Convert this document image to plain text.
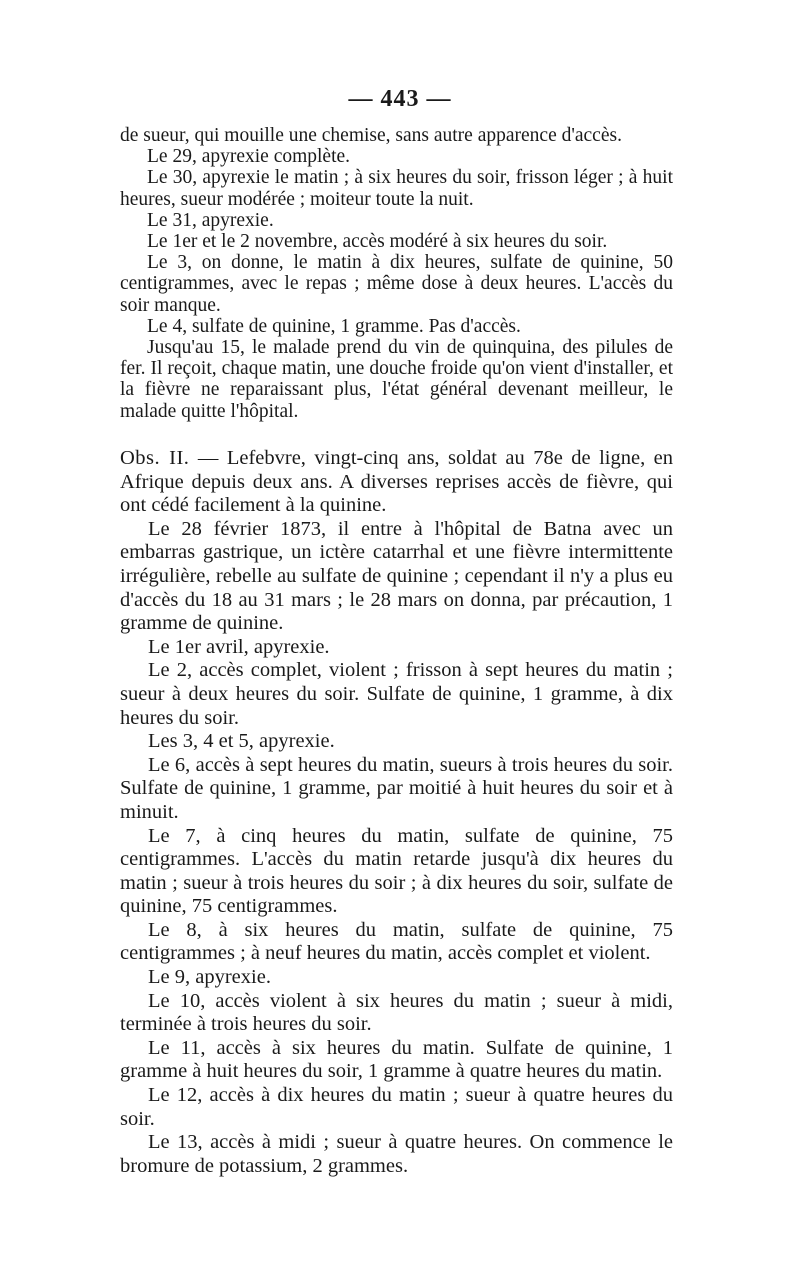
— 443 —

de sueur, qui mouille une chemise, sans autre apparence d'accès.

Le 29, apyrexie complète.

Le 30, apyrexie le matin ; à six heures du soir, frisson léger ; à huit heures, sueur modérée ; moiteur toute la nuit.

Le 31, apyrexie.

Le 1er et le 2 novembre, accès modéré à six heures du soir.

Le 3, on donne, le matin à dix heures, sulfate de quinine, 50 centigrammes, avec le repas ; même dose à deux heures. L'accès du soir manque.

Le 4, sulfate de quinine, 1 gramme. Pas d'accès.

Jusqu'au 15, le malade prend du vin de quinquina, des pilules de fer. Il reçoit, chaque matin, une douche froide qu'on vient d'installer, et la fièvre ne reparaissant plus, l'état général devenant meilleur, le malade quitte l'hôpital.

Obs. II. — Lefebvre, vingt-cinq ans, soldat au 78e de ligne, en Afrique depuis deux ans. A diverses reprises accès de fièvre, qui ont cédé facilement à la quinine.

Le 28 février 1873, il entre à l'hôpital de Batna avec un embarras gastrique, un ictère catarrhal et une fièvre intermittente irrégulière, rebelle au sulfate de quinine ; cependant il n'y a plus eu d'accès du 18 au 31 mars ; le 28 mars on donna, par précaution, 1 gramme de quinine.

Le 1er avril, apyrexie.

Le 2, accès complet, violent ; frisson à sept heures du matin ; sueur à deux heures du soir. Sulfate de quinine, 1 gramme, à dix heures du soir.

Les 3, 4 et 5, apyrexie.

Le 6, accès à sept heures du matin, sueurs à trois heures du soir. Sulfate de quinine, 1 gramme, par moitié à huit heures du soir et à minuit.

Le 7, à cinq heures du matin, sulfate de quinine, 75 centigrammes. L'accès du matin retarde jusqu'à dix heures du matin ; sueur à trois heures du soir ; à dix heures du soir, sulfate de quinine, 75 centigrammes.

Le 8, à six heures du matin, sulfate de quinine, 75 centigrammes ; à neuf heures du matin, accès complet et violent.

Le 9, apyrexie.

Le 10, accès violent à six heures du matin ; sueur à midi, terminée à trois heures du soir.

Le 11, accès à six heures du matin. Sulfate de quinine, 1 gramme à huit heures du soir, 1 gramme à quatre heures du matin.

Le 12, accès à dix heures du matin ; sueur à quatre heures du soir.

Le 13, accès à midi ; sueur à quatre heures. On commence le bromure de potassium, 2 grammes.
